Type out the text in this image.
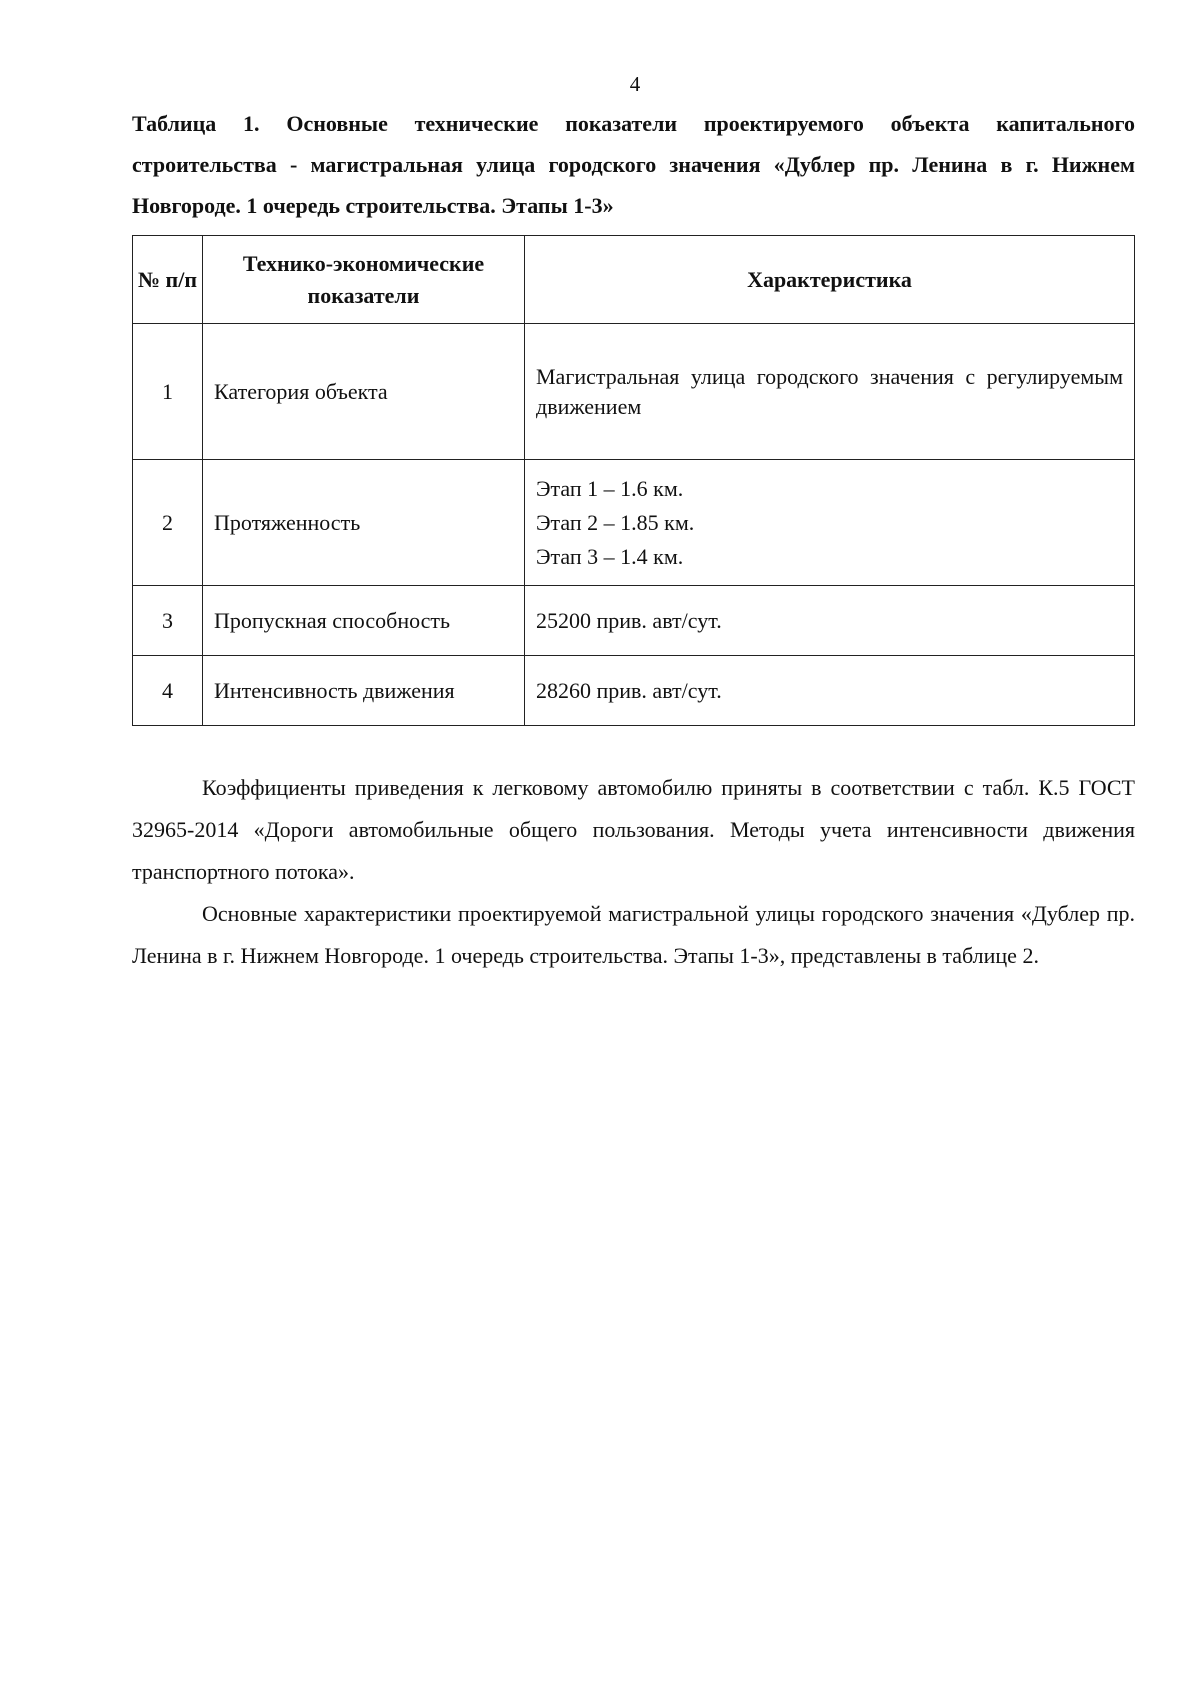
4

Таблица 1. Основные технические показатели проектируемого объекта капитального строительства - магистральная улица городского значения «Дублер пр. Ленина в г. Нижнем Новгороде. 1 очередь строительства. Этапы 1-3»

№ п/п	Технико-экономические показатели	Характеристика
1	Категория объекта	Магистральная улица городского значения с регулируемым движением

2	Протяженность	Этап 1 – 1.6 км.
Этап 2 – 1.85 км.
Этап 3 – 1.4 км.

3	Пропускная способность	25200 прив. авт/сут.
4	Интенсивность движения	28260 прив. авт/сут.

Коэффициенты приведения к легковому автомобилю приняты в соответствии с табл. К.5 ГОСТ 32965-2014 «Дороги автомобильные общего пользования. Методы учета интенсивности движения транспортного потока».

Основные характеристики проектируемой магистральной улицы городского значения «Дублер пр. Ленина в г. Нижнем Новгороде. 1 очередь строительства. Этапы 1-3», представлены в таблице 2.
